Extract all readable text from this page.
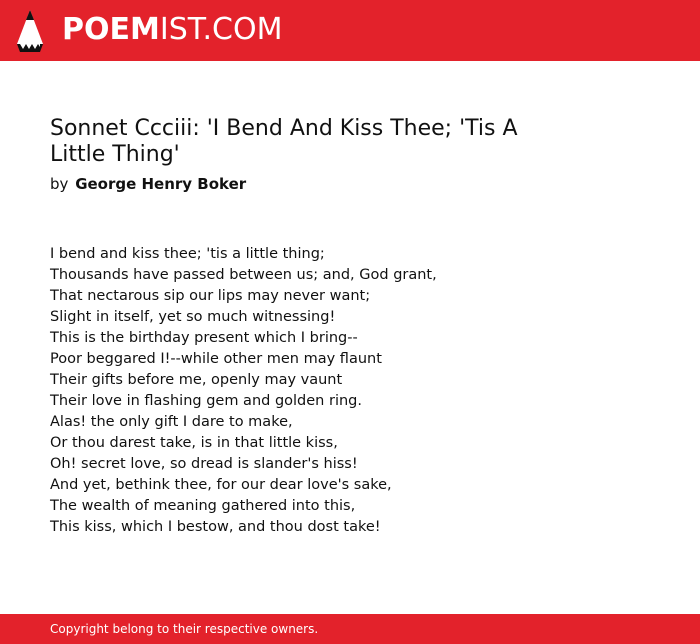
POEMIST.COM
Sonnet Ccciii: 'I Bend And Kiss Thee; 'Tis A Little Thing'
by George Henry Boker
I bend and kiss thee; 'tis a little thing;
Thousands have passed between us; and, God grant,
That nectarous sip our lips may never want;
Slight in itself, yet so much witnessing!
This is the birthday present which I bring--
Poor beggared I!--while other men may flaunt
Their gifts before me, openly may vaunt
Their love in flashing gem and golden ring.
Alas! the only gift I dare to make,
Or thou darest take, is in that little kiss,
Oh! secret love, so dread is slander's hiss!
And yet, bethink thee, for our dear love's sake,
The wealth of meaning gathered into this,
This kiss, which I bestow, and thou dost take!
Copyright belong to their respective owners.
